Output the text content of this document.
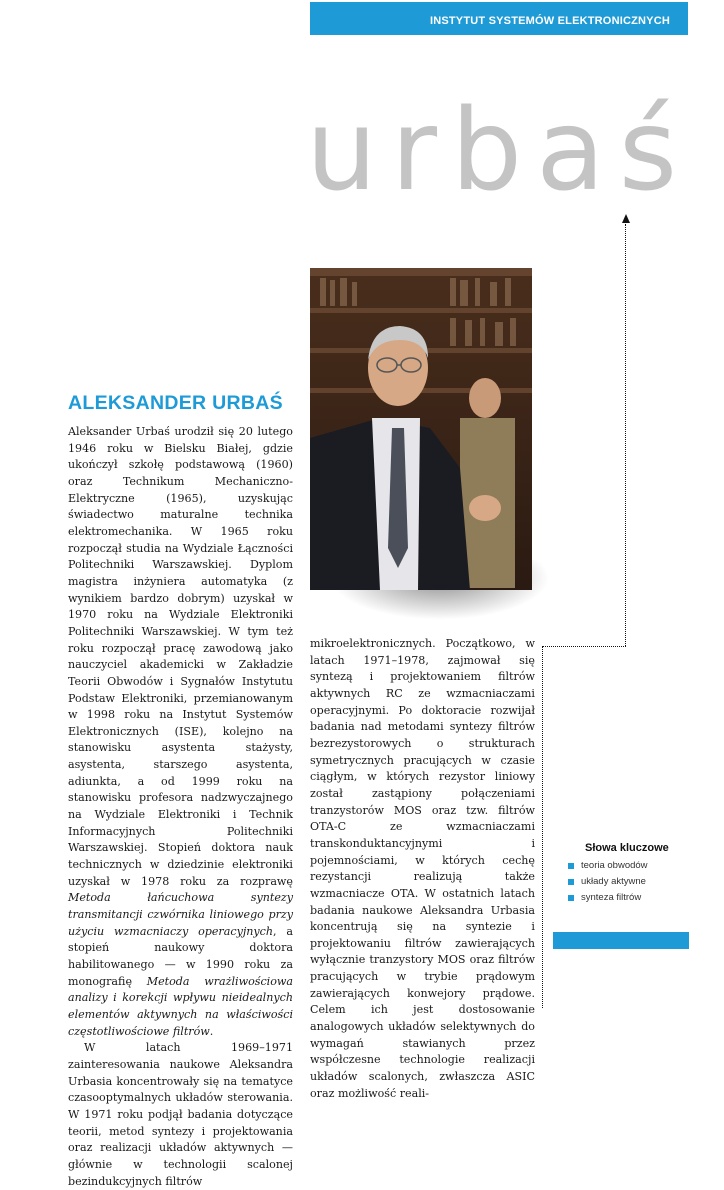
INSTYTUT SYSTEMÓW ELEKTRONICZNYCH
urbaś
ALEKSANDER URBAŚ

Aleksander Urbaś urodził się 20 lutego 1946 roku w Bielsku Białej, gdzie ukończył szkołę podstawową (1960) oraz Technikum Mechaniczno-Elektryczne (1965), uzyskując świadectwo maturalne technika elektromechanika. W 1965 roku rozpoczął studia na Wydziale Łączności Politechniki Warszawskiej. Dyplom magistra inżyniera automatyka (z wynikiem bardzo dobrym) uzyskał w 1970 roku na Wydziale Elektroniki Politechniki Warszawskiej. W tym też roku rozpoczął pracę zawodową jako nauczyciel akademicki w Zakładzie Teorii Obwodów i Sygnałów Instytutu Podstaw Elektroniki, przemianowanym w 1998 roku na Instytut Systemów Elektronicznych (ISE), kolejno na stanowisku asystenta stażysty, asystenta, starszego asystenta, adiunkta, a od 1999 roku na stanowisku profesora nadzwyczajnego na Wydziale Elektroniki i Technik Informacyjnych Politechniki Warszawskiej. Stopień doktora nauk technicznych w dziedzinie elektroniki uzyskał w 1978 roku za rozprawę Metoda łańcuchowa syntezy transmitancji czwórnika liniowego przy użyciu wzmacniaczy operacyjnych, a stopień naukowy doktora habilitowanego — w 1990 roku za monografię Metoda wrażliwościowa analizy i korekcji wpływu nieidealnych elementów aktywnych na właściwości częstotliwościowe filtrów.

W latach 1969–1971 zainteresowania naukowe Aleksandra Urbasia koncentrowały się na tematyce czasooptymalnych układów sterowania. W 1971 roku podjął badania dotyczące teorii, metod syntezy i projektowania oraz realizacji układów aktywnych — głównie w technologii scalonej bezindukcyjnych filtrów

mikroelektronicznych. Początkowo, w latach 1971–1978, zajmował się syntezą i projektowaniem filtrów aktywnych RC ze wzmacniaczami operacyjnymi. Po doktoracie rozwijał badania nad metodami syntezy filtrów bezrezystorowych o strukturach symetrycznych pracujących w czasie ciągłym, w których rezystor liniowy został zastąpiony połączeniami tranzystorów MOS oraz tzw. filtrów OTA-C ze wzmacniaczami transkonduktancyjnymi i pojemnościami, w których cechę rezystancji realizują także wzmacniacze OTA. W ostatnich latach badania naukowe Aleksandra Urbasia koncentrują się na syntezie i projektowaniu filtrów zawierających wyłącznie tranzystory MOS oraz filtrów pracujących w trybie prądowym zawierających konwejory prądowe. Celem ich jest dostosowanie analogowych układów selektywnych do wymagań stawianych przez współczesne technologie realizacji układów scalonych, zwłaszcza ASIC oraz możliwość reali-

Słowa kluczowe
teoria obwodów
układy aktywne
synteza filtrów
